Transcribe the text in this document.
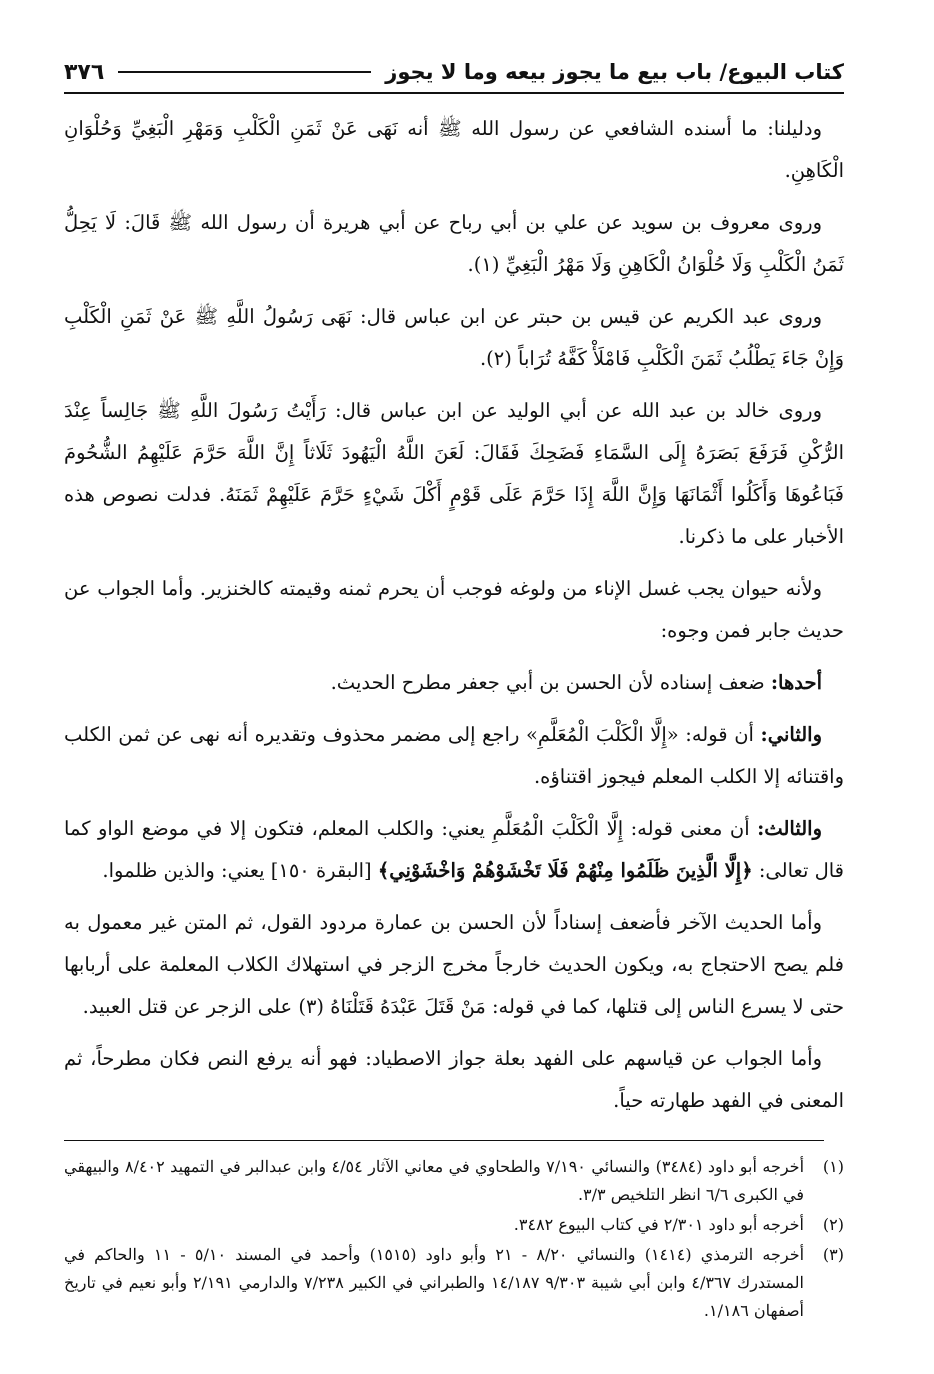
كتاب البيوع/ باب بيع ما يجوز بيعه وما لا يجوز
٣٧٦

ودليلنا: ما أسنده الشافعي عن رسول الله ﷺ أنه نَهَى عَنْ ثَمَنِ الْكَلْبِ وَمَهْرِ الْبَغِيِّ وَحُلْوَانِ الْكَاهِنِ.

وروى معروف بن سويد عن علي بن أبي رباح عن أبي هريرة أن رسول الله ﷺ قَالَ: لَا يَحِلُّ ثَمَنُ الْكَلْبِ وَلَا حُلْوَانُ الْكَاهِنِ وَلَا مَهْرُ الْبَغِيِّ (١).

وروى عبد الكريم عن قيس بن حبتر عن ابن عباس قال: نَهَى رَسُولُ اللَّهِ ﷺ عَنْ ثَمَنِ الْكَلْبِ وَإِنْ جَاءَ يَطْلُبُ ثَمَنَ الْكَلْبِ فَامْلَأْ كَفَّهُ تُرَاباً (٢).

وروى خالد بن عبد الله عن أبي الوليد عن ابن عباس قال: رَأَيْتُ رَسُولَ اللَّهِ ﷺ جَالِساً عِنْدَ الرُّكْنِ فَرَفَعَ بَصَرَهُ إِلَى السَّمَاءِ فَضَحِكَ فَقَالَ: لَعَنَ اللَّهُ الْيَهُودَ ثَلَاثاً إِنَّ اللَّهَ حَرَّمَ عَلَيْهِمُ الشُّحُومَ فَبَاعُوهَا وَأَكَلُوا أَثْمَانَهَا وَإِنَّ اللَّهَ إِذَا حَرَّمَ عَلَى قَوْمٍ أَكْلَ شَيْءٍ حَرَّمَ عَلَيْهِمْ ثَمَنَهُ. فدلت نصوص هذه الأخبار على ما ذكرنا.

ولأنه حيوان يجب غسل الإناء من ولوغه فوجب أن يحرم ثمنه وقيمته كالخنزير. وأما الجواب عن حديث جابر فمن وجوه:

أحدها: ضعف إسناده لأن الحسن بن أبي جعفر مطرح الحديث.

والثاني: أن قوله: «إِلَّا الْكَلْبَ الْمُعَلَّمِ» راجع إلى مضمر محذوف وتقديره أنه نهى عن ثمن الكلب واقتنائه إلا الكلب المعلم فيجوز اقتناؤه.

والثالث: أن معنى قوله: إِلَّا الْكَلْبَ الْمُعَلَّمِ يعني: والكلب المعلم، فتكون إلا في موضع الواو كما قال تعالى: ﴿إِلَّا الَّذِينَ ظَلَمُوا مِنْهُمْ فَلَا تَخْشَوْهُمْ وَاخْشَوْنِي﴾ [البقرة ١٥٠] يعني: والذين ظلموا.

وأما الحديث الآخر فأضعف إسناداً لأن الحسن بن عمارة مردود القول، ثم المتن غير معمول به فلم يصح الاحتجاج به، ويكون الحديث خارجاً مخرج الزجر في استهلاك الكلاب المعلمة على أربابها حتى لا يسرع الناس إلى قتلها، كما في قوله: مَنْ قَتَلَ عَبْدَهُ قَتَلْنَاهُ (٣) على الزجر عن قتل العبيد.

وأما الجواب عن قياسهم على الفهد بعلة جواز الاصطياد: فهو أنه يرفع النص فكان مطرحاً، ثم المعنى في الفهد طهارته حياً.

(١)
أخرجه أبو داود (٣٤٨٤) والنسائي ٧/١٩٠ والطحاوي في معاني الآثار ٤/٥٤ وابن عبدالبر في التمهيد ٨/٤٠٢ والبيهقي في الكبرى ٦/٦ انظر التلخيص ٣/٣.
(٢)
أخرجه أبو داود ٢/٣٠١ في كتاب البيوع ٣٤٨٢.
(٣)
أخرجه الترمذي (١٤١٤) والنسائي ٨/٢٠ - ٢١ وأبو داود (١٥١٥) وأحمد في المسند ٥/١٠ - ١١ والحاكم في المستدرك ٤/٣٦٧ وابن أبي شيبة ٩/٣٠٣ ١٤/١٨٧ والطبراني في الكبير ٧/٢٣٨ والدارمي ٢/١٩١ وأبو نعيم في تاريخ أصفهان ١/١٨٦.
